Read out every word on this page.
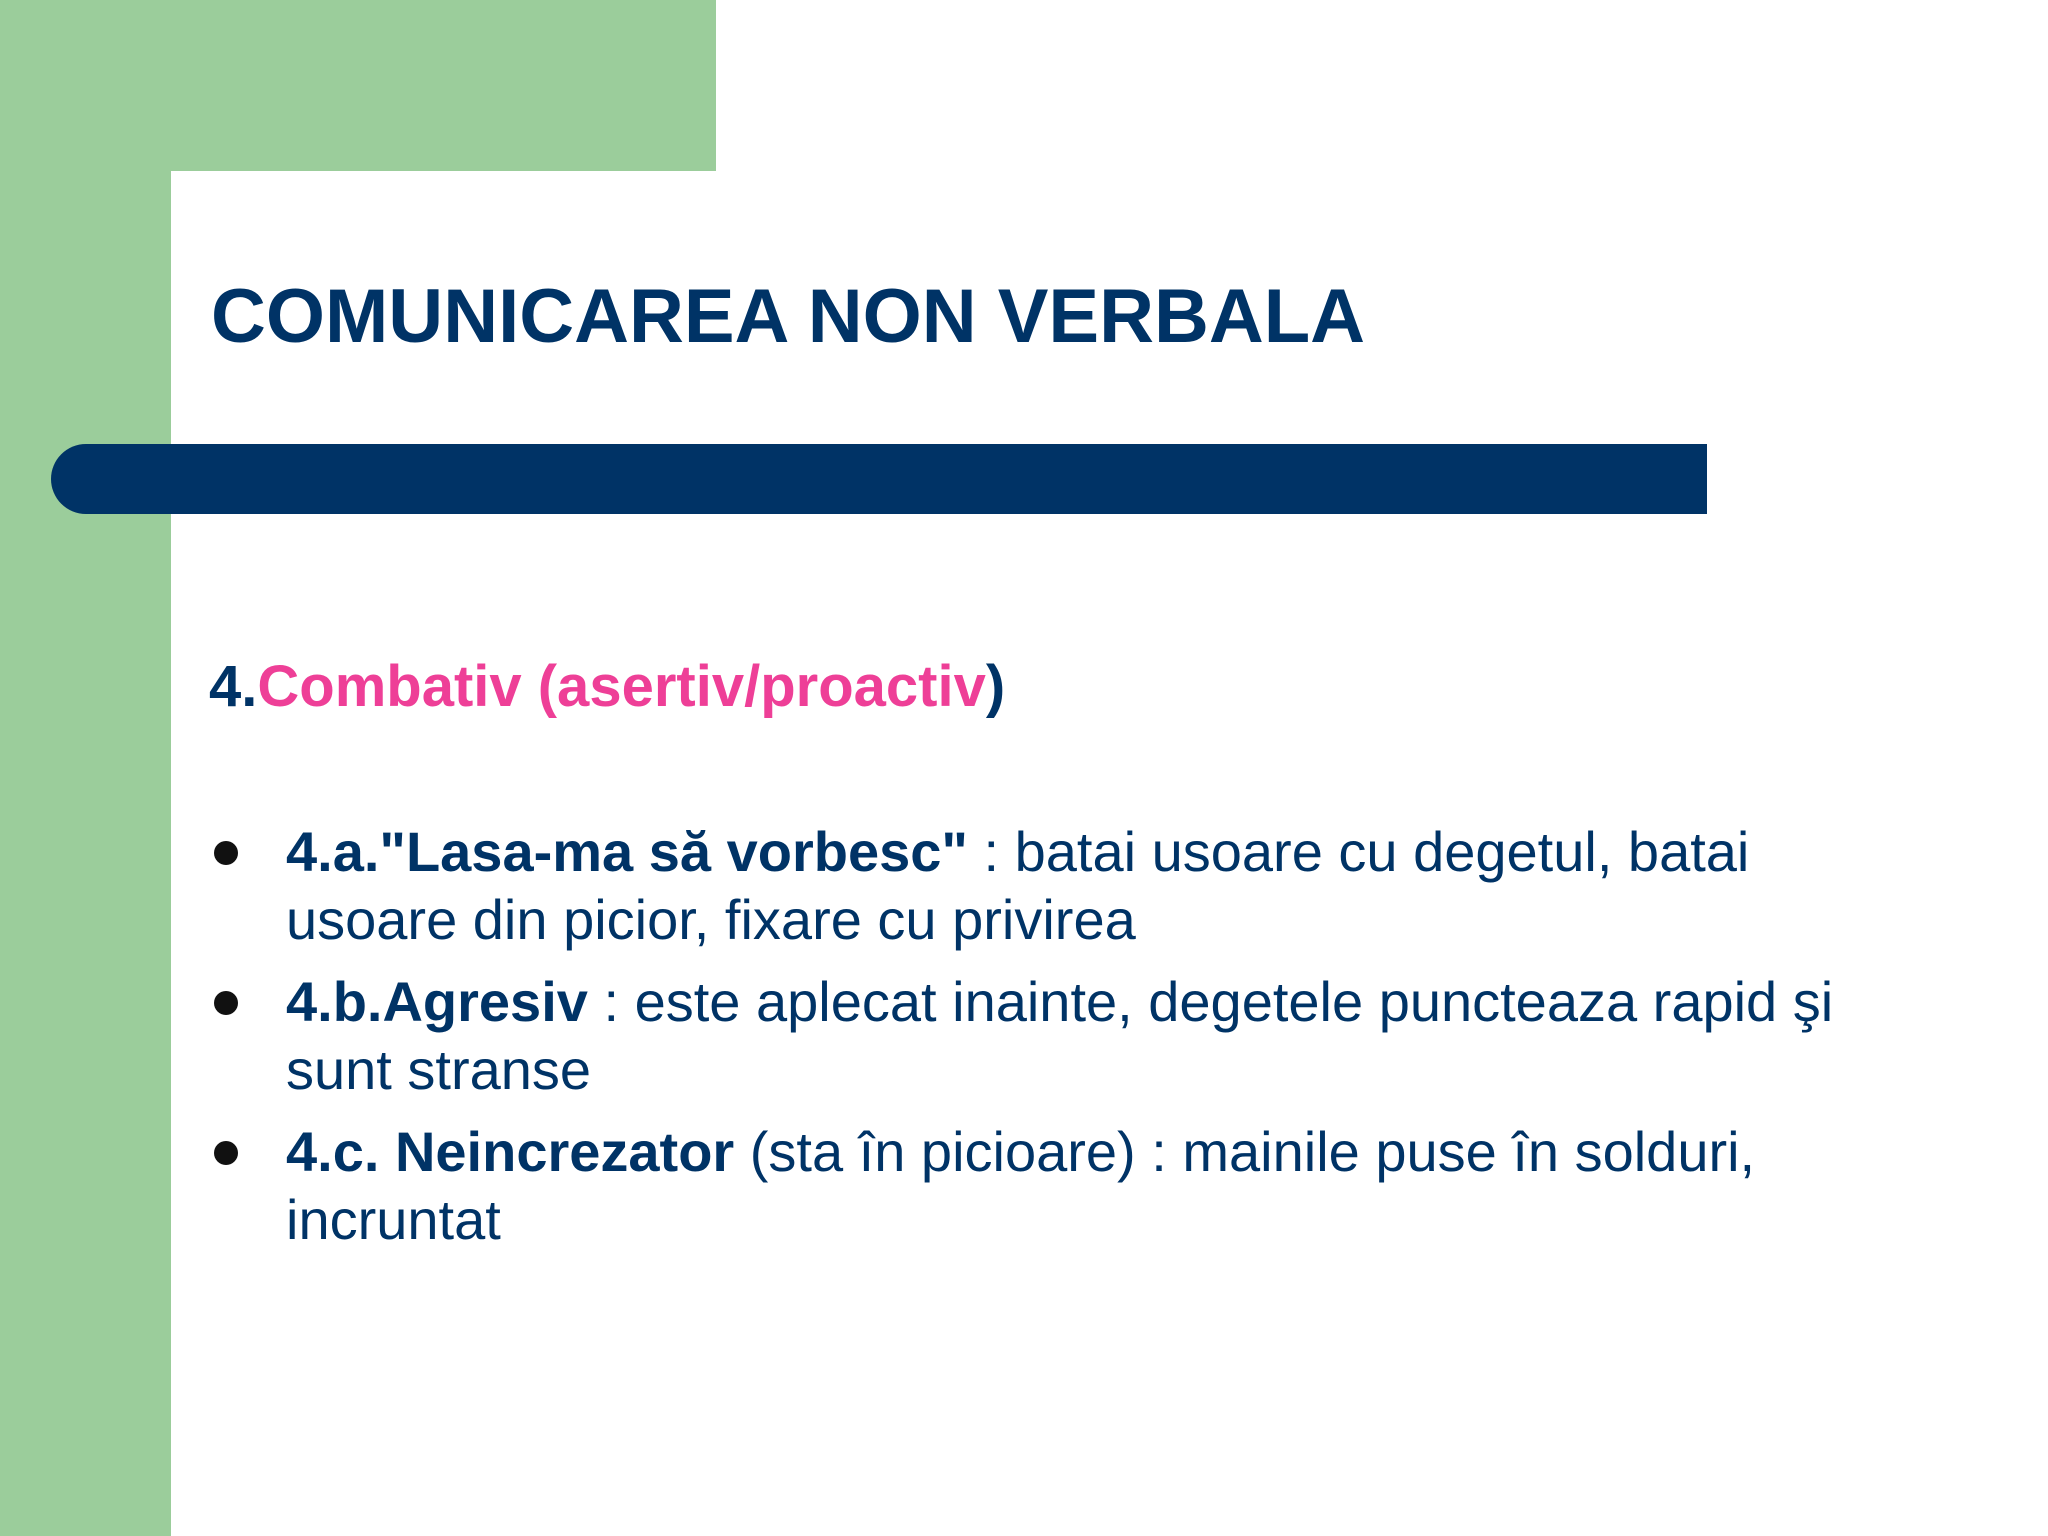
COMUNICAREA NON VERBALA

4.Combativ (asertiv/proactiv)

4.a."Lasa-ma să vorbesc" : batai usoare cu degetul, batai usoare din picior, fixare cu privirea
4.b.Agresiv : este aplecat inainte, degetele puncteaza rapid şi sunt stranse
4.c. Neincrezator (sta în picioare) : mainile puse în solduri, incruntat
